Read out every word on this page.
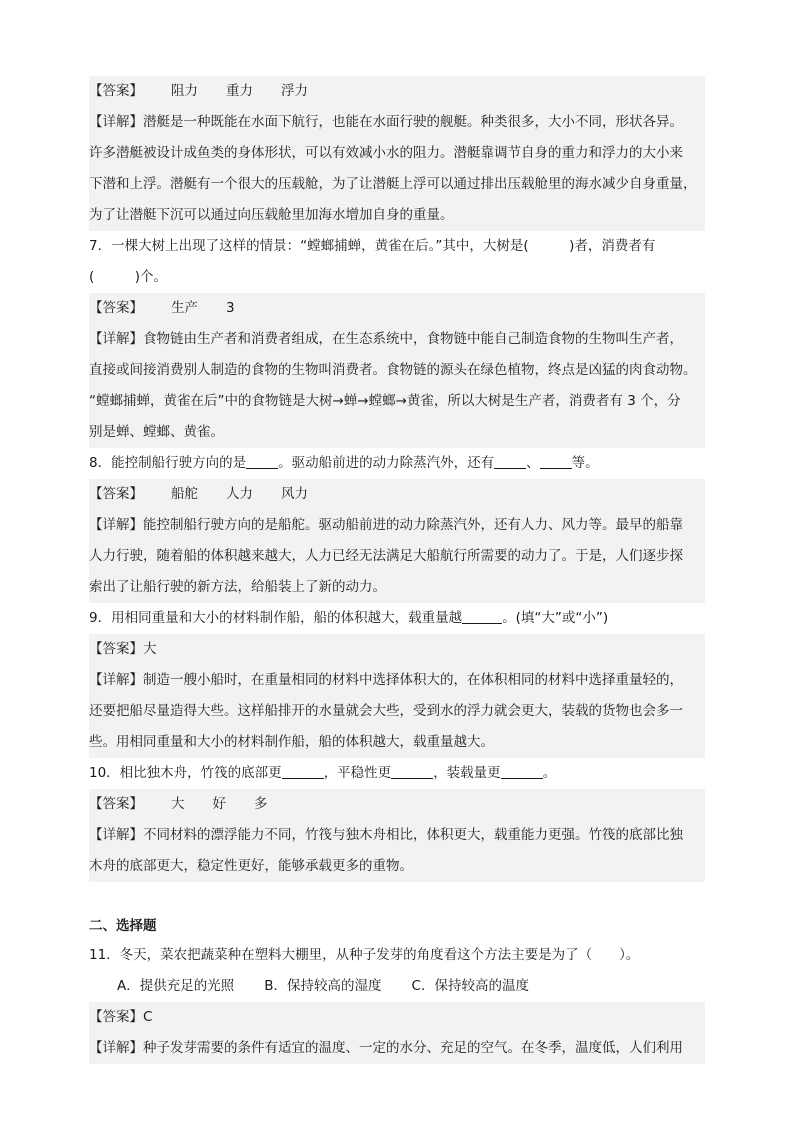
【答案】 阻力 重力 浮力
【详解】潜艇是一种既能在水面下航行，也能在水面行驶的舰艇。种类很多，大小不同，形状各异。
许多潜艇被设计成鱼类的身体形状，可以有效减小水的阻力。潜艇靠调节自身的重力和浮力的大小来
下潜和上浮。潜艇有一个很大的压载舱，为了让潜艇上浮可以通过排出压载舱里的海水减少自身重量，
为了让潜艇下沉可以通过向压载舱里加海水增加自身的重量。
7．一棵大树上出现了这样的情景：“螳螂捕蝉，黄雀在后。”其中，大树是(　　　)者，消费者有
(　　　)个。
【答案】 生产 3
【详解】食物链由生产者和消费者组成，在生态系统中，食物链中能自己制造食物的生物叫生产者，
直接或间接消费别人制造的食物的生物叫消费者。食物链的源头在绿色植物，终点是凶猛的肉食动物。
“螳螂捕蝉，黄雀在后”中的食物链是大树→蝉→螳螂→黄雀，所以大树是生产者，消费者有 3 个，分
别是蝉、螳螂、黄雀。
8．能控制船行驶方向的是 。驱动船前进的动力除蒸汽外，还有 、 等。
【答案】 船舵 人力 风力
【详解】能控制船行驶方向的是船舵。驱动船前进的动力除蒸汽外，还有人力、风力等。最早的船靠
人力行驶，随着船的体积越来越大，人力已经无法满足大船航行所需要的动力了。于是，人们逐步探
索出了让船行驶的新方法，给船装上了新的动力。
9．用相同重量和大小的材料制作船，船的体积越大，载重量越	。(填“大”或“小”)
【答案】大
【详解】制造一艘小船时，在重量相同的材料中选择体积大的，在体积相同的材料中选择重量轻的，
还要把船尽量造得大些。这样船排开的水量就会大些，受到水的浮力就会更大，装载的货物也会多一
些。用相同重量和大小的材料制作船，船的体积越大，载重量越大。
10．相比独木舟，竹筏的底部更	，平稳性更	，装载量更	。
【答案】 大 好 多
【详解】不同材料的漂浮能力不同，竹筏与独木舟相比，体积更大，载重能力更强。竹筏的底部比独
木舟的底部更大，稳定性更好，能够承载更多的重物。
二、选择题
11．冬天，菜农把蔬菜种在塑料大棚里，从种子发芽的角度看这个方法主要是为了（　　）。
A．提供充足的光照 B．保持较高的湿度 C．保持较高的温度
【答案】C
【详解】种子发芽需要的条件有适宜的温度、一定的水分、充足的空气。在冬季，温度低，人们利用
